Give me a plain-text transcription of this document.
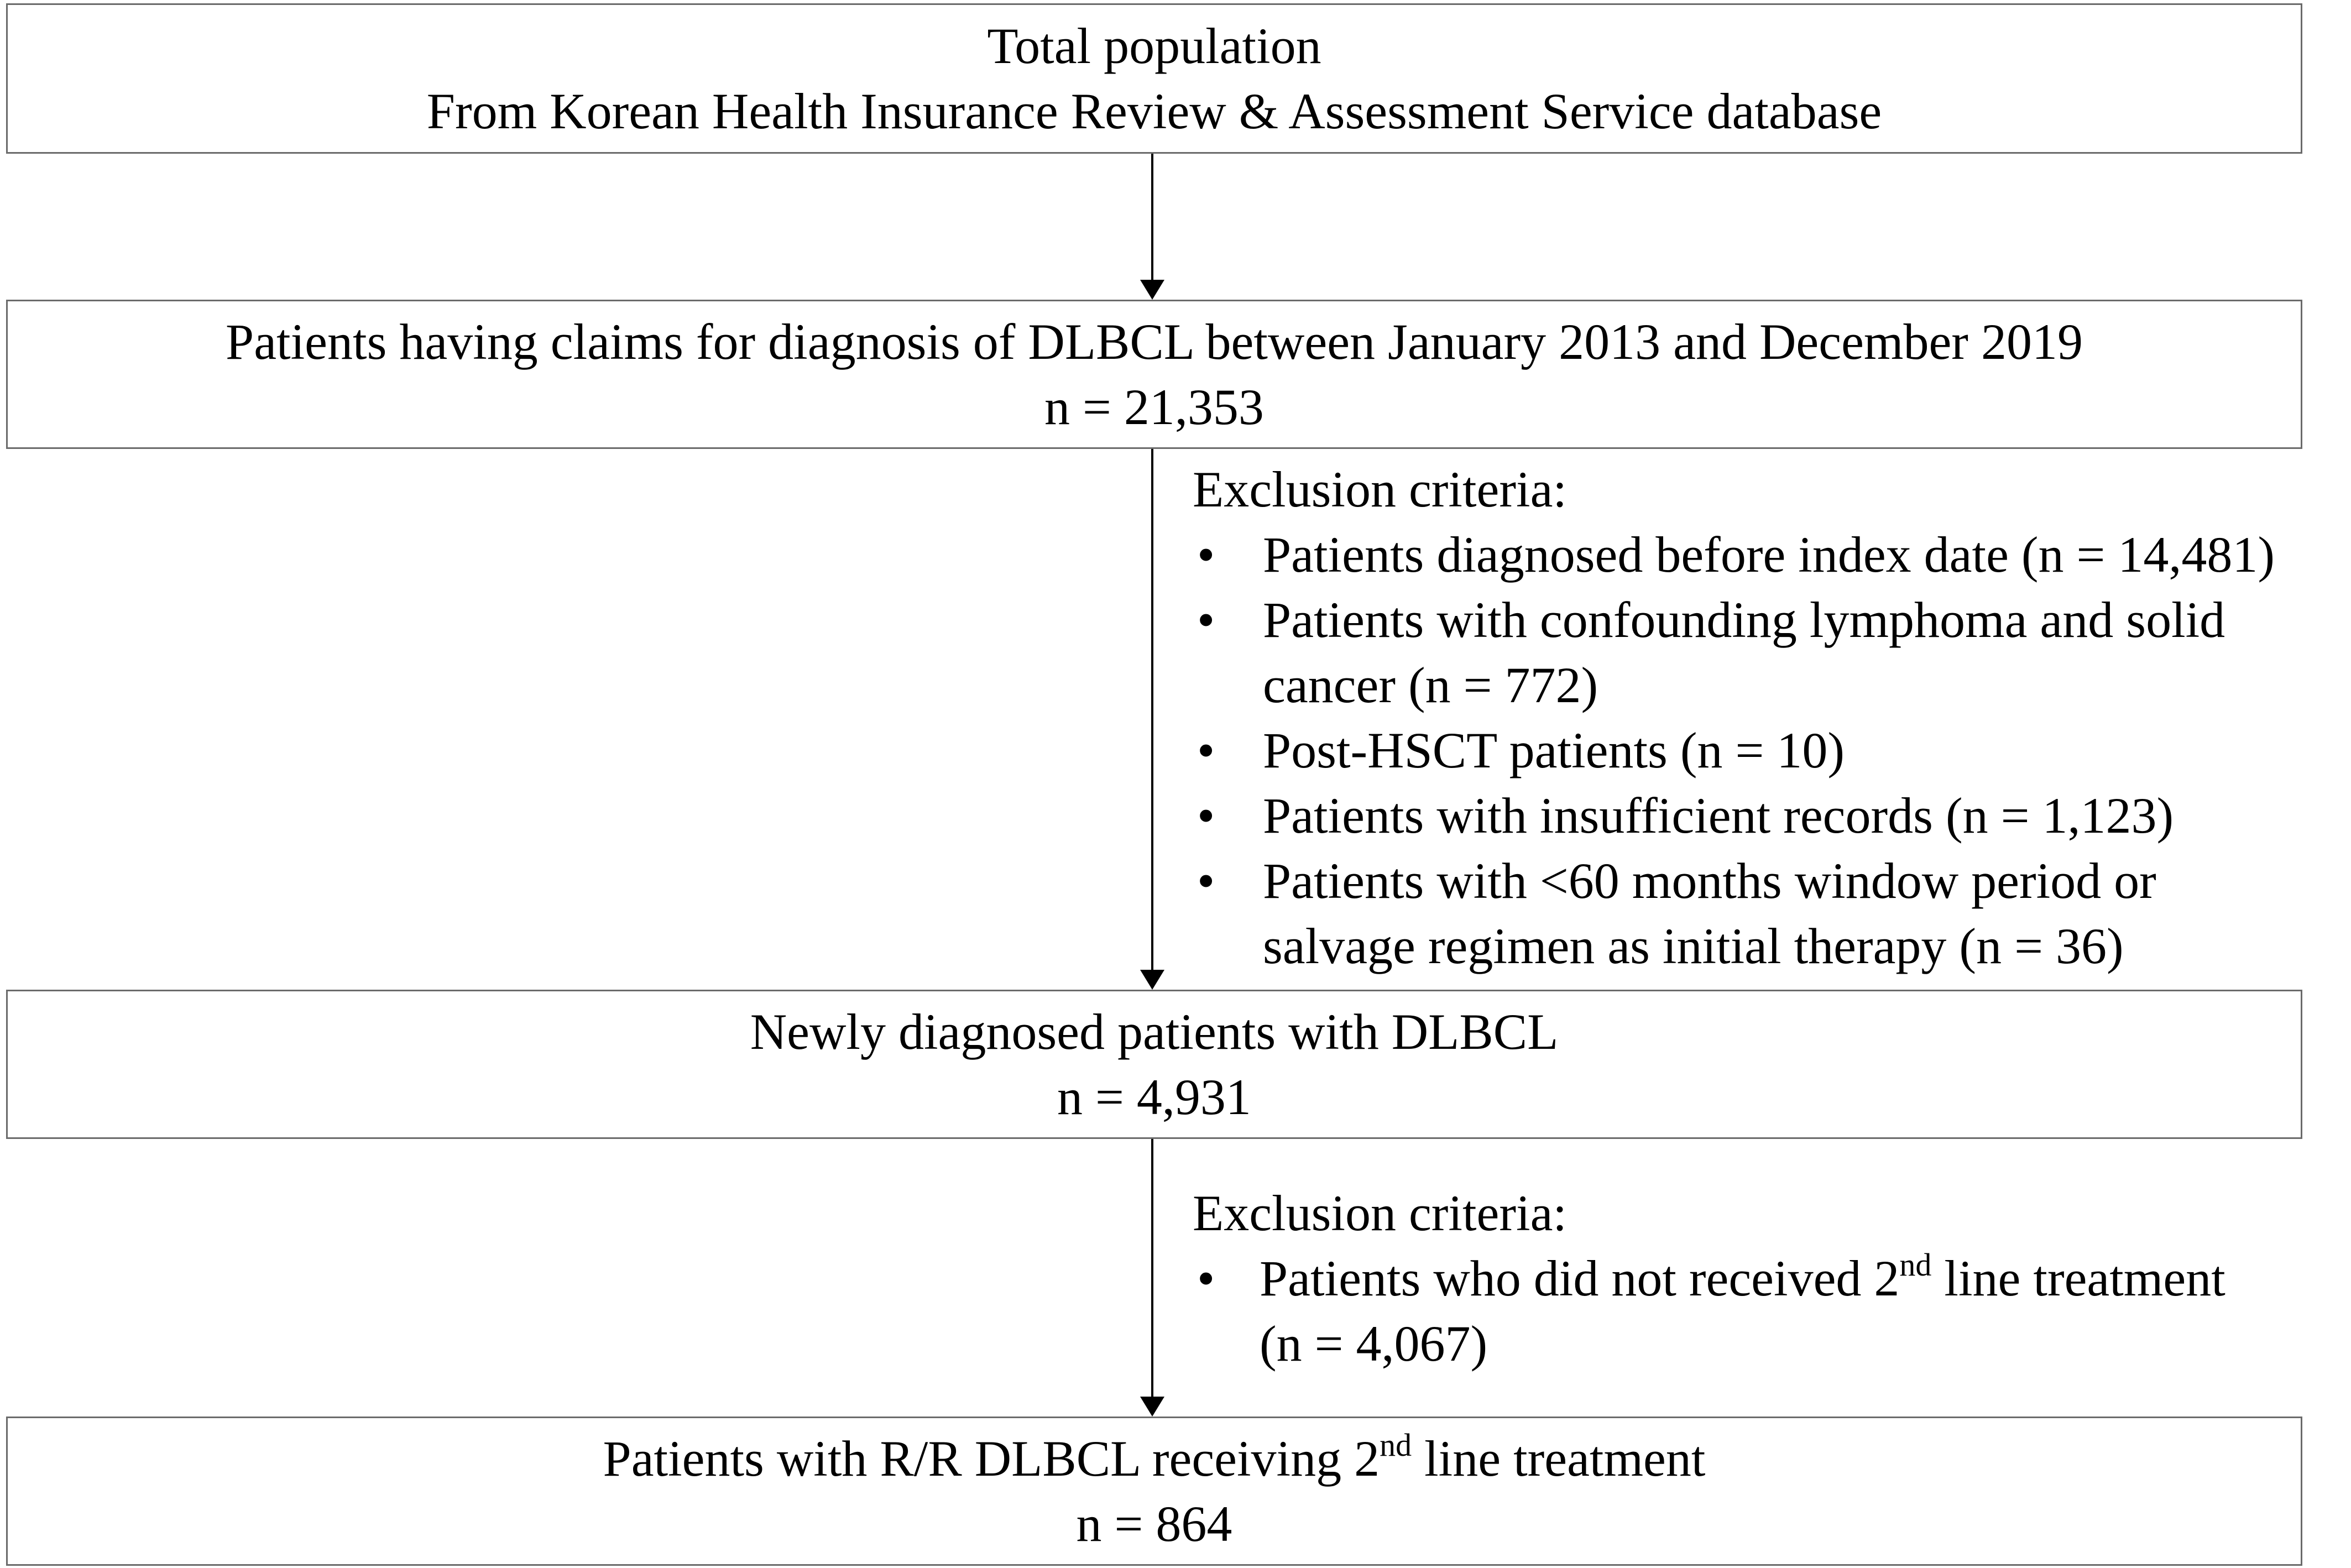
Total population
From Korean Health Insurance Review & Assessment Service database
Patients having claims for diagnosis of DLBCL between January 2013 and December 2019
n = 21,353
Exclusion criteria:
• Patients diagnosed before index date (n = 14,481)
• Patients with confounding lymphoma and solid
cancer (n = 772)
• Post-HSCT patients (n = 10)
• Patients with insufficient records (n = 1,123)
• Patients with <60 months window period or
salvage regimen as initial therapy (n = 36)
Newly diagnosed patients with DLBCL
n = 4,931
Exclusion criteria:
• Patients who did not received 2nd line treatment
(n = 4,067)
Patients with R/R DLBCL receiving 2nd line treatment
n = 864
